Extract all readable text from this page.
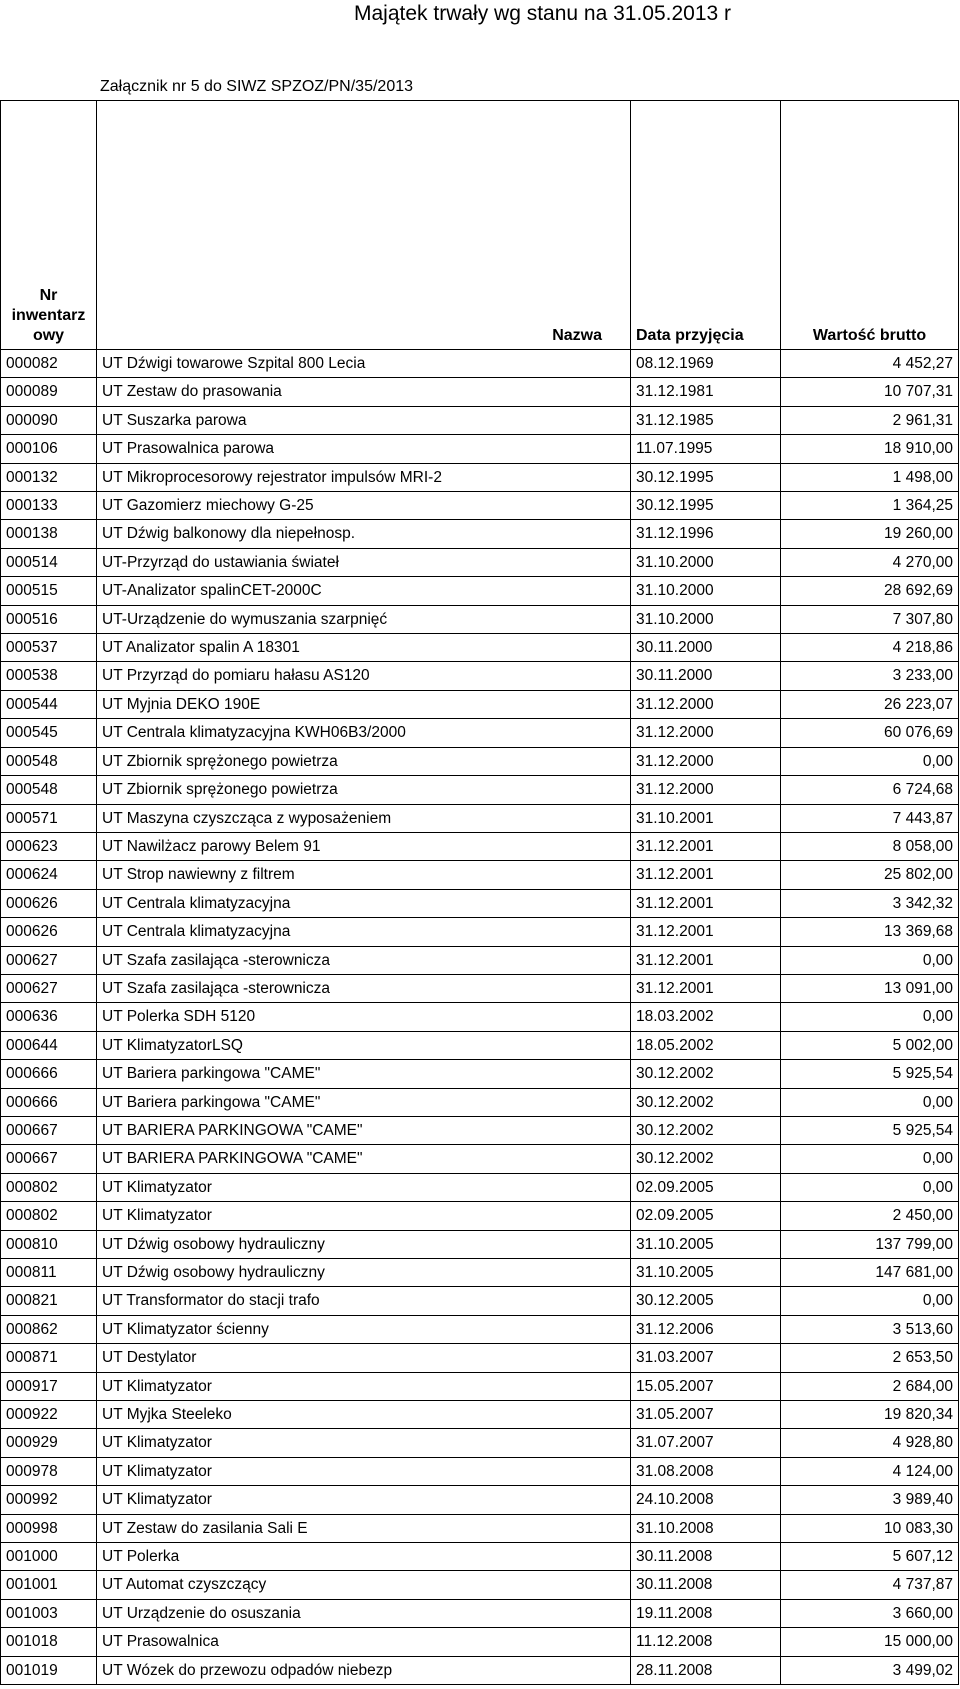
Majątek trwały wg stanu na 31.05.2013 r
Załącznik nr 5 do SIWZ SPZOZ/PN/35/2013
Nr inwentarz owy	Nazwa	Data przyjęcia	Wartość brutto
000082	UT Dźwigi towarowe Szpital 800 Lecia	08.12.1969	4 452,27
000089	UT Zestaw do prasowania	31.12.1981	10 707,31
000090	UT Suszarka parowa	31.12.1985	2 961,31
000106	UT Prasowalnica parowa	11.07.1995	18 910,00
000132	UT Mikroprocesorowy rejestrator impulsów MRI-2	30.12.1995	1 498,00
000133	UT Gazomierz miechowy G-25	30.12.1995	1 364,25
000138	UT Dźwig balkonowy dla niepełnosp.	31.12.1996	19 260,00
000514	UT-Przyrząd do ustawiania świateł	31.10.2000	4 270,00
000515	UT-Analizator spalinCET-2000C	31.10.2000	28 692,69
000516	UT-Urządzenie do wymuszania szarpnięć	31.10.2000	7 307,80
000537	UT Analizator spalin A 18301	30.11.2000	4 218,86
000538	UT Przyrząd do pomiaru hałasu AS120	30.11.2000	3 233,00
000544	UT Myjnia DEKO 190E	31.12.2000	26 223,07
000545	UT Centrala klimatyzacyjna KWH06B3/2000	31.12.2000	60 076,69
000548	UT Zbiornik sprężonego powietrza	31.12.2000	0,00
000548	UT Zbiornik sprężonego powietrza	31.12.2000	6 724,68
000571	UT Maszyna czyszcząca z wyposażeniem	31.10.2001	7 443,87
000623	UT Nawilżacz parowy Belem 91	31.12.2001	8 058,00
000624	UT Strop nawiewny z filtrem	31.12.2001	25 802,00
000626	UT Centrala klimatyzacyjna	31.12.2001	3 342,32
000626	UT Centrala klimatyzacyjna	31.12.2001	13 369,68
000627	UT Szafa zasilająca -sterownicza	31.12.2001	0,00
000627	UT Szafa zasilająca -sterownicza	31.12.2001	13 091,00
000636	UT Polerka SDH 5120	18.03.2002	0,00
000644	UT KlimatyzatorLSQ	18.05.2002	5 002,00
000666	UT Bariera parkingowa "CAME"	30.12.2002	5 925,54
000666	UT Bariera parkingowa "CAME"	30.12.2002	0,00
000667	UT BARIERA PARKINGOWA "CAME"	30.12.2002	5 925,54
000667	UT BARIERA PARKINGOWA "CAME"	30.12.2002	0,00
000802	UT Klimatyzator	02.09.2005	0,00
000802	UT Klimatyzator	02.09.2005	2 450,00
000810	UT Dźwig osobowy hydrauliczny	31.10.2005	137 799,00
000811	UT Dźwig osobowy hydrauliczny	31.10.2005	147 681,00
000821	UT Transformator do stacji trafo	30.12.2005	0,00
000862	UT Klimatyzator ścienny	31.12.2006	3 513,60
000871	UT Destylator	31.03.2007	2 653,50
000917	UT Klimatyzator	15.05.2007	2 684,00
000922	UT Myjka Steeleko	31.05.2007	19 820,34
000929	UT Klimatyzator	31.07.2007	4 928,80
000978	UT Klimatyzator	31.08.2008	4 124,00
000992	UT Klimatyzator	24.10.2008	3 989,40
000998	UT Zestaw do zasilania Sali E	31.10.2008	10 083,30
001000	UT Polerka	30.11.2008	5 607,12
001001	UT Automat czyszczący	30.11.2008	4 737,87
001003	UT Urządzenie do osuszania	19.11.2008	3 660,00
001018	UT Prasowalnica	11.12.2008	15 000,00
001019	UT Wózek do przewozu odpadów niebezp	28.11.2008	3 499,02
